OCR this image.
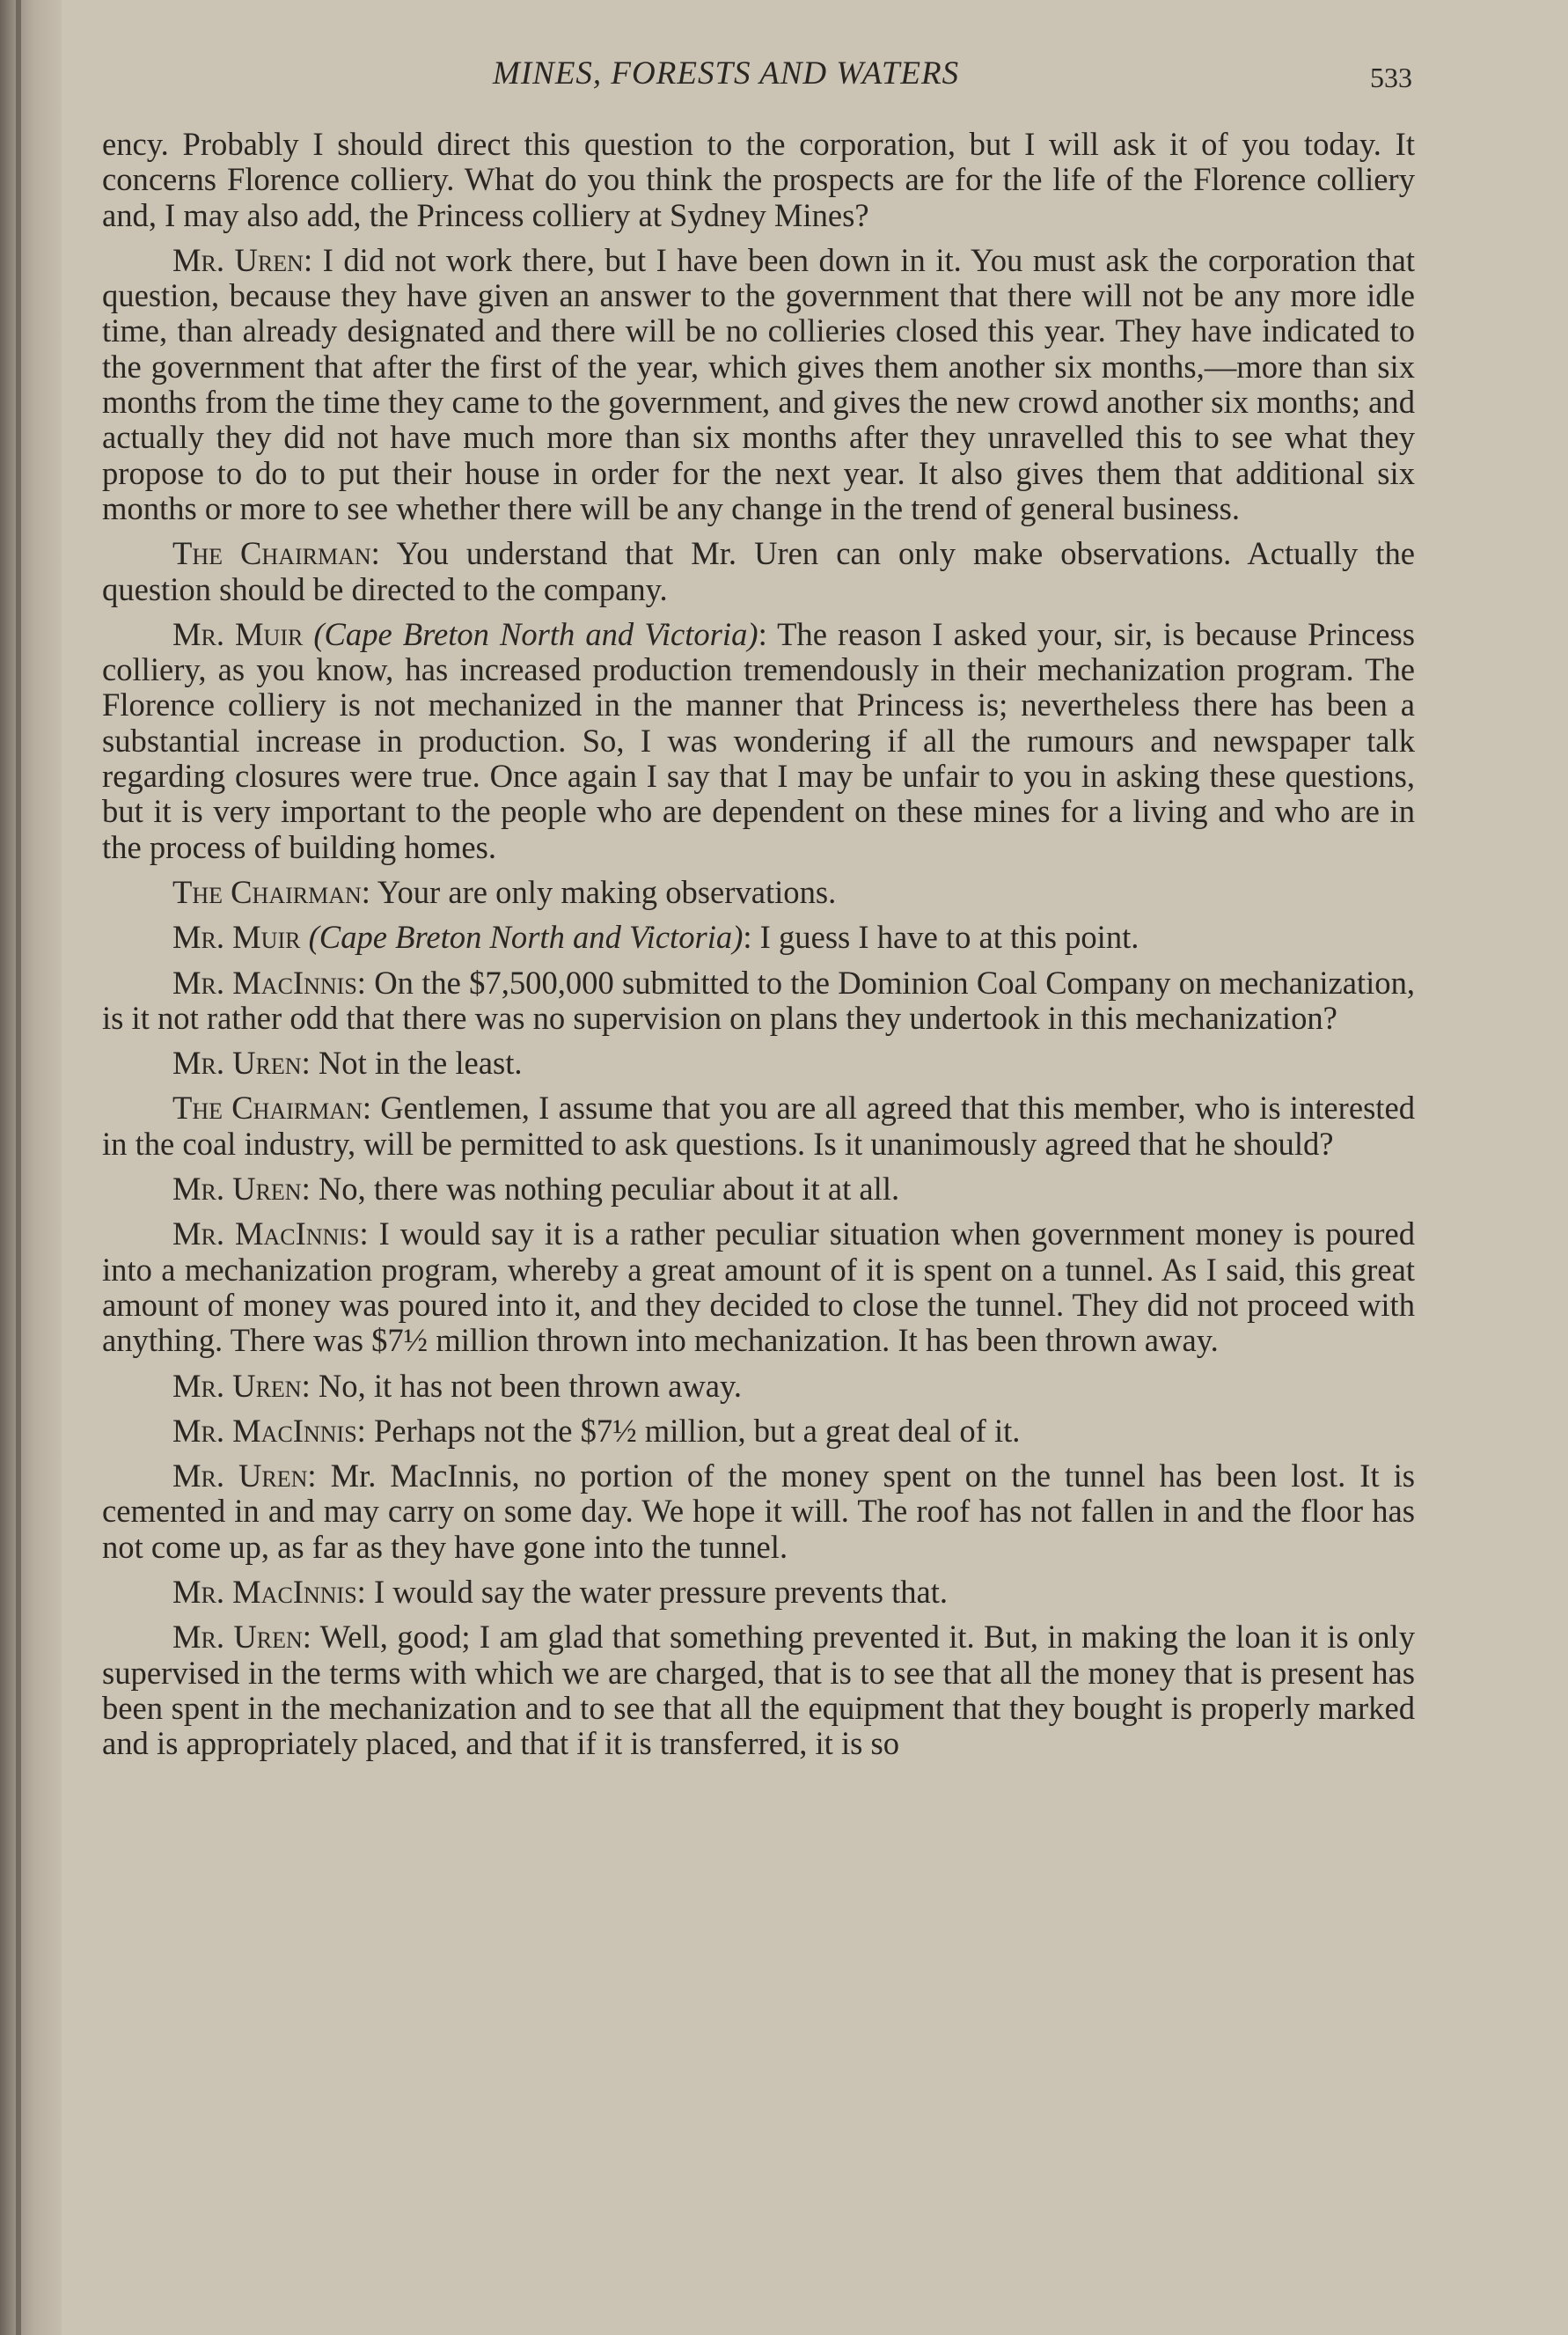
MINES, FORESTS AND WATERS	533

ency. Probably I should direct this question to the corporation, but I will ask it of you today. It concerns Florence colliery. What do you think the prospects are for the life of the Florence colliery and, I may also add, the Princess colliery at Sydney Mines?

Mr. Uren: I did not work there, but I have been down in it. You must ask the corporation that question, because they have given an answer to the government that there will not be any more idle time, than already designated and there will be no collieries closed this year. They have indicated to the government that after the first of the year, which gives them another six months,—more than six months from the time they came to the government, and gives the new crowd another six months; and actually they did not have much more than six months after they unravelled this to see what they propose to do to put their house in order for the next year. It also gives them that additional six months or more to see whether there will be any change in the trend of general business.

The Chairman: You understand that Mr. Uren can only make observations. Actually the question should be directed to the company.

Mr. Muir (Cape Breton North and Victoria): The reason I asked your, sir, is because Princess colliery, as you know, has increased production tremendously in their mechanization program. The Florence colliery is not mechanized in the manner that Princess is; nevertheless there has been a substantial increase in production. So, I was wondering if all the rumours and newspaper talk regarding closures were true. Once again I say that I may be unfair to you in asking these questions, but it is very important to the people who are dependent on these mines for a living and who are in the process of building homes.

The Chairman: Your are only making observations.

Mr. Muir (Cape Breton North and Victoria): I guess I have to at this point.

Mr. MacInnis: On the $7,500,000 submitted to the Dominion Coal Company on mechanization, is it not rather odd that there was no supervision on plans they undertook in this mechanization?

Mr. Uren: Not in the least.

The Chairman: Gentlemen, I assume that you are all agreed that this member, who is interested in the coal industry, will be permitted to ask questions. Is it unanimously agreed that he should?

Mr. Uren: No, there was nothing peculiar about it at all.

Mr. MacInnis: I would say it is a rather peculiar situation when government money is poured into a mechanization program, whereby a great amount of it is spent on a tunnel. As I said, this great amount of money was poured into it, and they decided to close the tunnel. They did not proceed with anything. There was $7½ million thrown into mechanization. It has been thrown away.

Mr. Uren: No, it has not been thrown away.

Mr. MacInnis: Perhaps not the $7½ million, but a great deal of it.

Mr. Uren: Mr. MacInnis, no portion of the money spent on the tunnel has been lost. It is cemented in and may carry on some day. We hope it will. The roof has not fallen in and the floor has not come up, as far as they have gone into the tunnel.

Mr. MacInnis: I would say the water pressure prevents that.

Mr. Uren: Well, good; I am glad that something prevented it. But, in making the loan it is only supervised in the terms with which we are charged, that is to see that all the money that is present has been spent in the mechanization and to see that all the equipment that they bought is properly marked and is appropriately placed, and that if it is transferred, it is so
